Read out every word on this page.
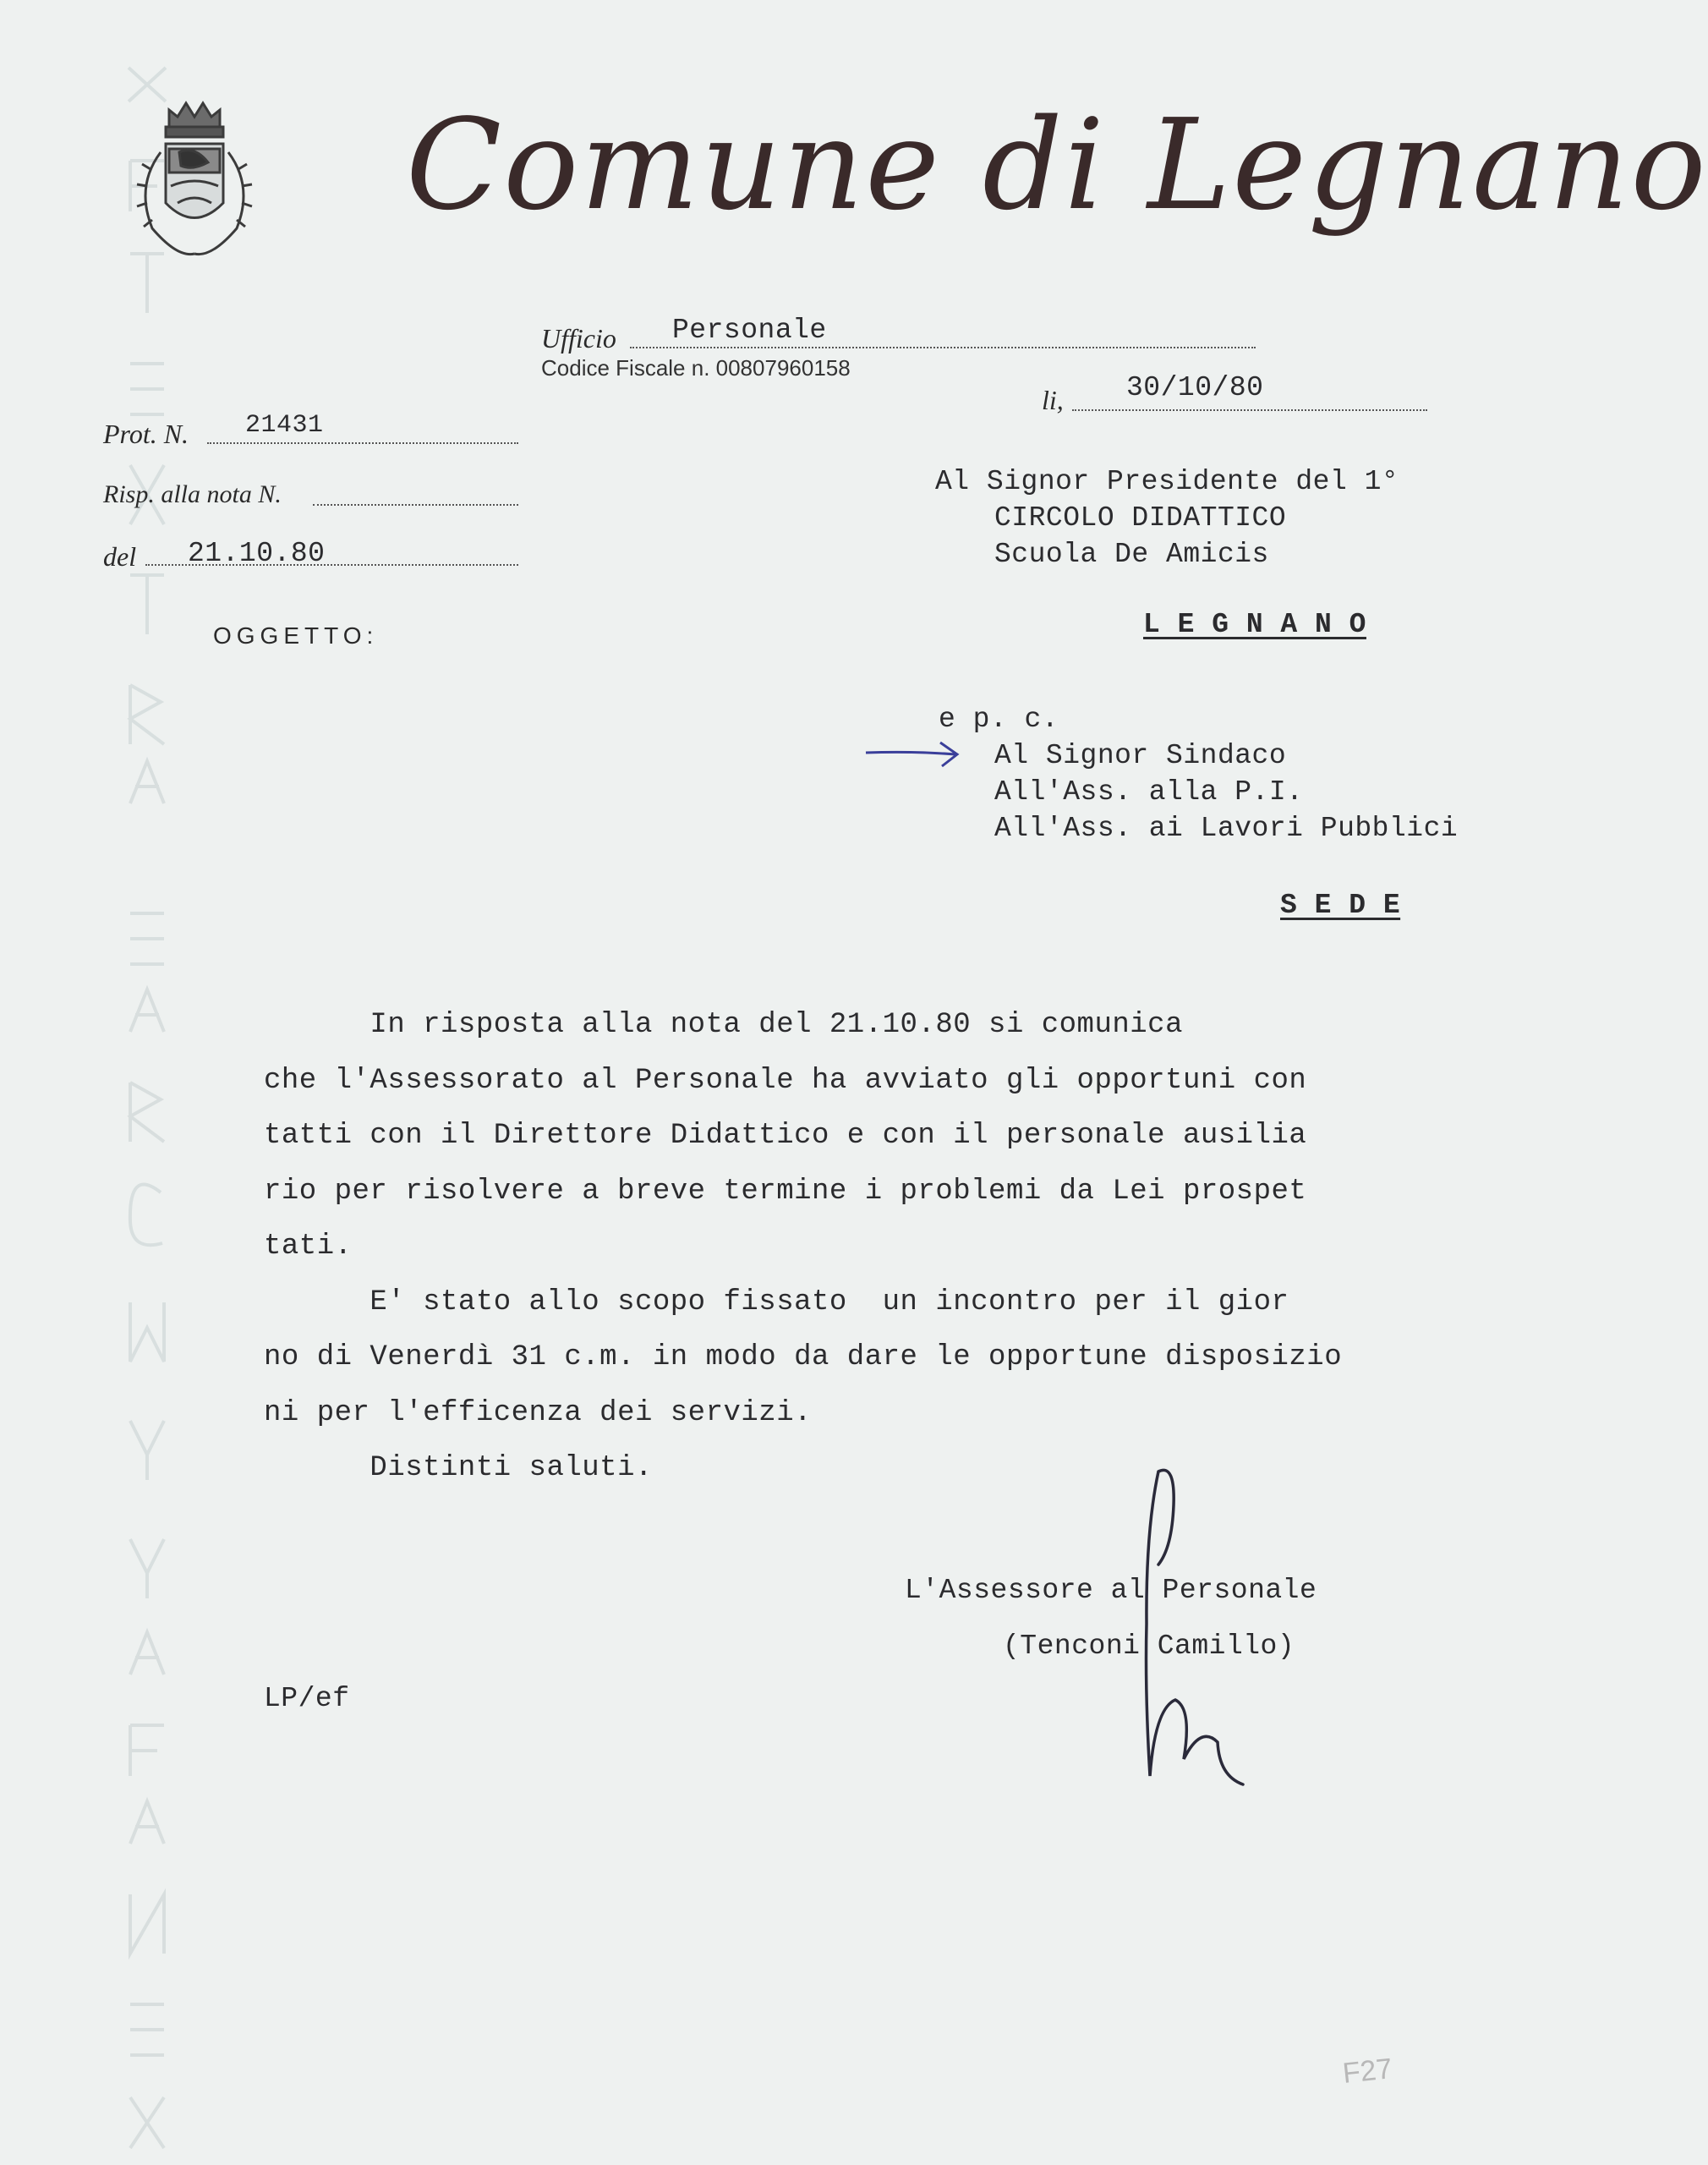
Comune di Legnano
Ufficio Personale
Codice Fiscale n. 00807960158
li, 30/10/80
Prot. N. 21431
Risp. alla nota N.
del 21.10.80
OGGETTO:
Al Signor Presidente del 1°
CIRCOLO DIDATTICO
Scuola De Amicis
L E G N A N O
e p. c.
Al Signor Sindaco
All'Ass. alla P.I.
All'Ass. ai Lavori Pubblici
S E D E
In risposta alla nota del 21.10.80 si comunica
che l'Assessorato al Personale ha avviato gli opportuni con
tatti con il Direttore Didattico e con il personale ausilia
rio per risolvere a breve termine i problemi da Lei prospet
tati.
E' stato allo scopo fissato  un incontro per il gior
no di Venerdì 31 c.m. in modo da dare le opportune disposizio
ni per l'efficenza dei servizi.
Distinti saluti.
L'Assessore al Personale
(Tenconi Camillo)
LP/ef
F27
